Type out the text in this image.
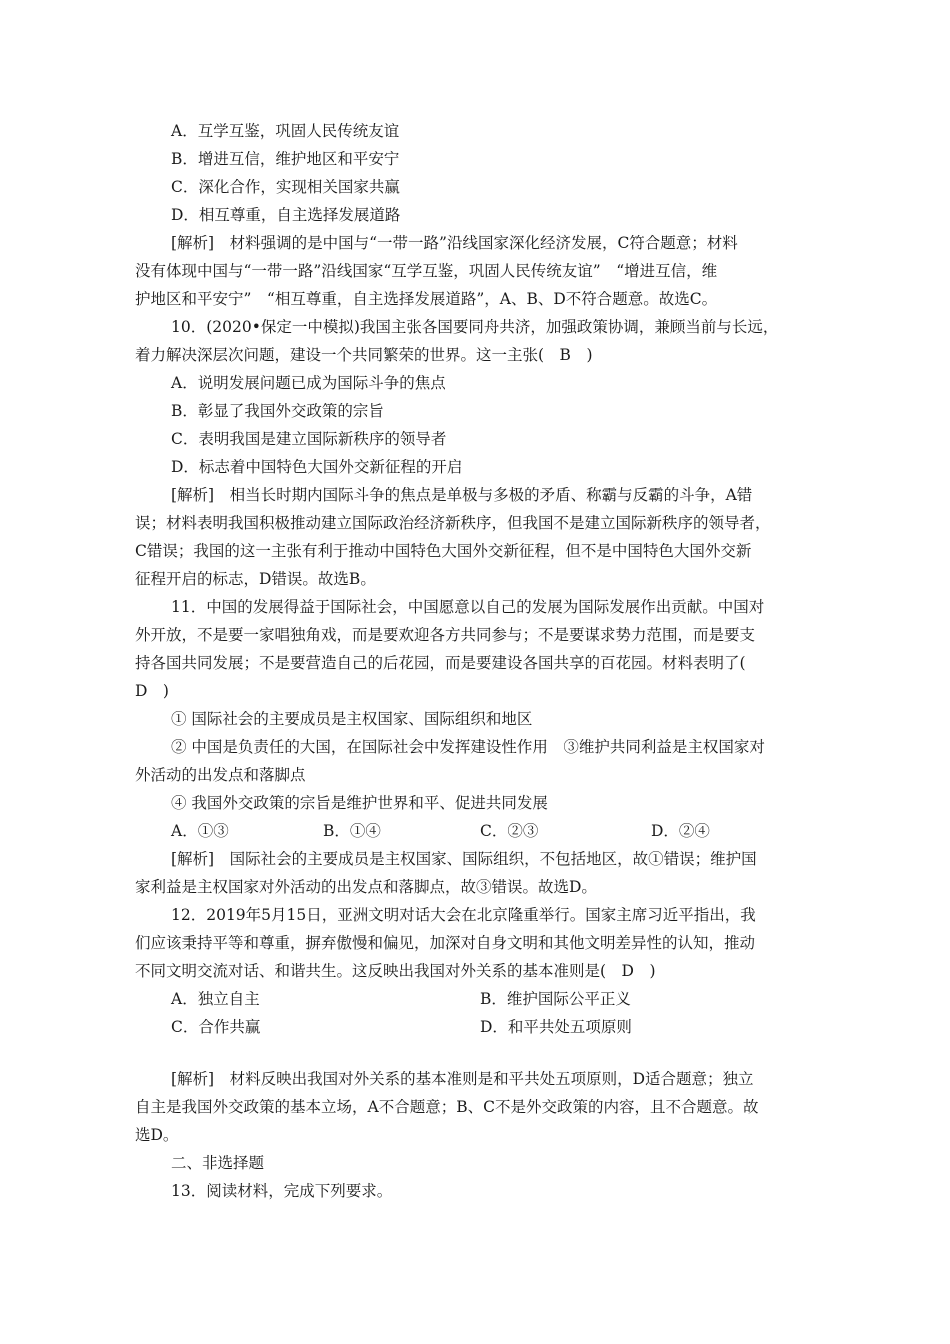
A．互学互鉴，巩固人民传统友谊

B．增进互信，维护地区和平安宁

C．深化合作，实现相关国家共赢

D．相互尊重，自主选择发展道路

[解析]　材料强调的是中国与“一带一路”沿线国家深化经济发展，C符合题意；材料

没有体现中国与“一带一路”沿线国家“互学互鉴，巩固人民传统友谊”　“增进互信，维

护地区和平安宁”　“相互尊重，自主选择发展道路”，A、B、D不符合题意。故选C。

10．(2020•保定一中模拟)我国主张各国要同舟共济，加强政策协调，兼顾当前与长远，

着力解决深层次问题，建设一个共同繁荣的世界。这一主张(　B　)

A．说明发展问题已成为国际斗争的焦点

B．彰显了我国外交政策的宗旨

C．表明我国是建立国际新秩序的领导者

D．标志着中国特色大国外交新征程的开启

[解析]　相当长时期内国际斗争的焦点是单极与多极的矛盾、称霸与反霸的斗争，A错

误；材料表明我国积极推动建立国际政治经济新秩序，但我国不是建立国际新秩序的领导者，

C错误；我国的这一主张有利于推动中国特色大国外交新征程，但不是中国特色大国外交新

征程开启的标志，D错误。故选B。

11．中国的发展得益于国际社会，中国愿意以自己的发展为国际发展作出贡献。中国对

外开放，不是要一家唱独角戏，而是要欢迎各方共同参与；不是要谋求势力范围，而是要支

持各国共同发展；不是要营造自己的后花园，而是要建设各国共享的百花园。材料表明了(

D　)

① 国际社会的主要成员是主权国家、国际组织和地区

② 中国是负责任的大国，在国际社会中发挥建设性作用　③维护共同利益是主权国家对

外活动的出发点和落脚点

④ 我国外交政策的宗旨是维护世界和平、促进共同发展

A．①③	B．①④	C．②③	D．②④

[解析]　国际社会的主要成员是主权国家、国际组织，不包括地区，故①错误；维护国

家利益是主权国家对外活动的出发点和落脚点，故③错误。故选D。

12．2019年5月15日，亚洲文明对话大会在北京隆重举行。国家主席习近平指出，我

们应该秉持平等和尊重，摒弃傲慢和偏见，加深对自身文明和其他文明差异性的认知，推动

不同文明交流对话、和谐共生。这反映出我国对外关系的基本准则是(　D　)

A．独立自主	B．维护国际公平正义
C．合作共赢	D．和平共处五项原则

[解析]　材料反映出我国对外关系的基本准则是和平共处五项原则，D适合题意；独立

自主是我国外交政策的基本立场，A不合题意；B、C不是外交政策的内容，且不合题意。故

选D。

二、非选择题

13．阅读材料，完成下列要求。
